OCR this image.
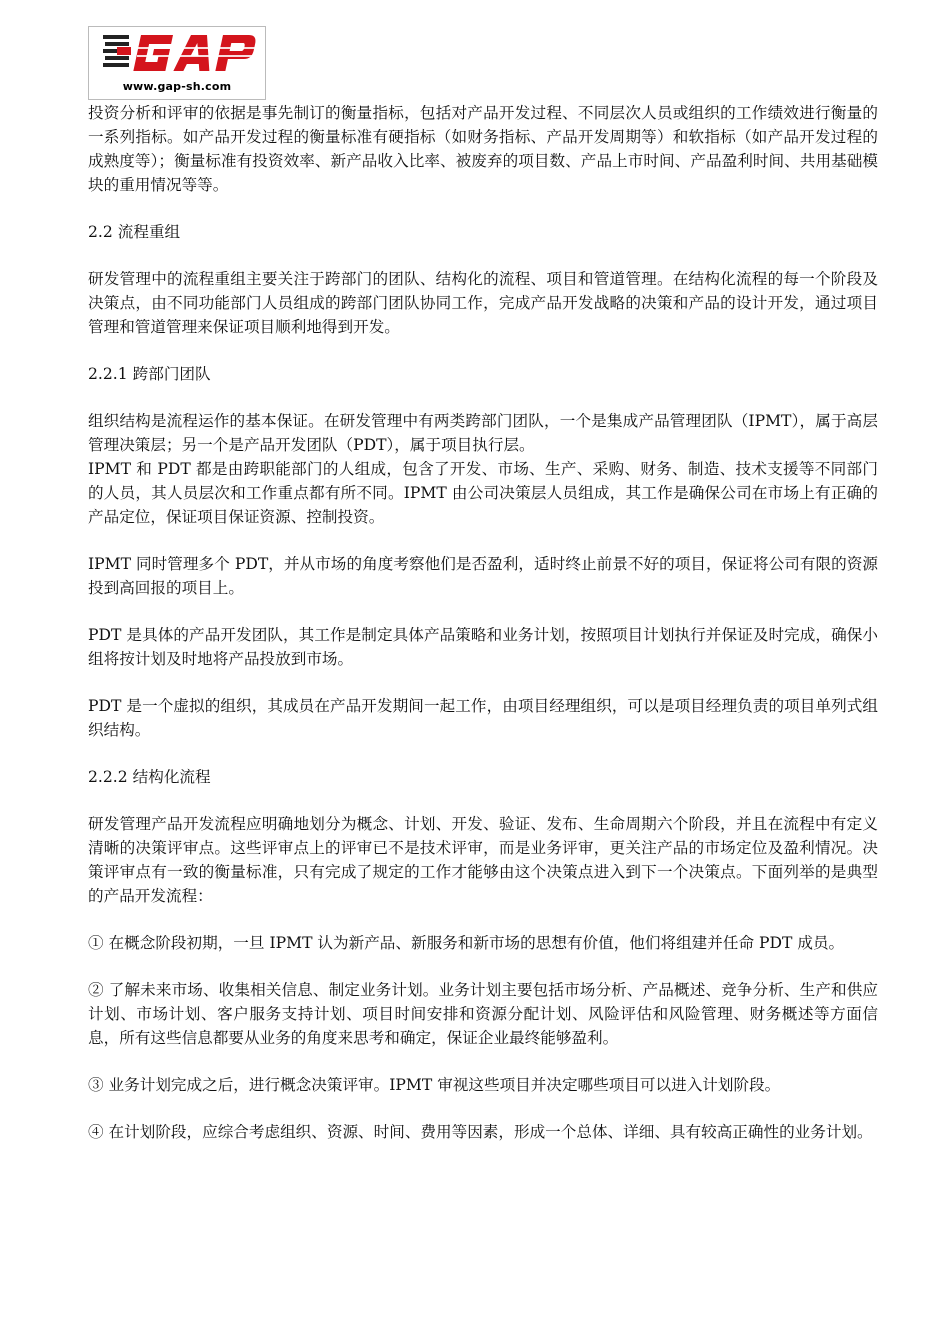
www.gap-sh.com

投资分析和评审的依据是事先制订的衡量指标，包括对产品开发过程、不同层次人员或组织的工作绩效进行衡量的一系列指标。如产品开发过程的衡量标准有硬指标（如财务指标、产品开发周期等）和软指标（如产品开发过程的成熟度等）；衡量标准有投资效率、新产品收入比率、被废弃的项目数、产品上市时间、产品盈利时间、共用基础模块的重用情况等等。

2.2 流程重组

研发管理中的流程重组主要关注于跨部门的团队、结构化的流程、项目和管道管理。在结构化流程的每一个阶段及决策点，由不同功能部门人员组成的跨部门团队协同工作，完成产品开发战略的决策和产品的设计开发，通过项目管理和管道管理来保证项目顺利地得到开发。

2.2.1 跨部门团队

组织结构是流程运作的基本保证。在研发管理中有两类跨部门团队，一个是集成产品管理团队（IPMT），属于高层管理决策层；另一个是产品开发团队（PDT），属于项目执行层。

IPMT 和 PDT 都是由跨职能部门的人组成，包含了开发、市场、生产、采购、财务、制造、技术支援等不同部门的人员，其人员层次和工作重点都有所不同。IPMT 由公司决策层人员组成，其工作是确保公司在市场上有正确的产品定位，保证项目保证资源、控制投资。

IPMT 同时管理多个 PDT，并从市场的角度考察他们是否盈利，适时终止前景不好的项目，保证将公司有限的资源投到高回报的项目上。

PDT 是具体的产品开发团队，其工作是制定具体产品策略和业务计划，按照项目计划执行并保证及时完成，确保小组将按计划及时地将产品投放到市场。

PDT 是一个虚拟的组织，其成员在产品开发期间一起工作，由项目经理组织，可以是项目经理负责的项目单列式组织结构。

2.2.2 结构化流程

研发管理产品开发流程应明确地划分为概念、计划、开发、验证、发布、生命周期六个阶段，并且在流程中有定义清晰的决策评审点。这些评审点上的评审已不是技术评审，而是业务评审，更关注产品的市场定位及盈利情况。决策评审点有一致的衡量标准，只有完成了规定的工作才能够由这个决策点进入到下一个决策点。下面列举的是典型的产品开发流程：

① 在概念阶段初期，一旦 IPMT 认为新产品、新服务和新市场的思想有价值，他们将组建并任命 PDT 成员。

② 了解未来市场、收集相关信息、制定业务计划。业务计划主要包括市场分析、产品概述、竞争分析、生产和供应计划、市场计划、客户服务支持计划、项目时间安排和资源分配计划、风险评估和风险管理、财务概述等方面信息，所有这些信息都要从业务的角度来思考和确定，保证企业最终能够盈利。

③ 业务计划完成之后，进行概念决策评审。IPMT 审视这些项目并决定哪些项目可以进入计划阶段。

④ 在计划阶段，应综合考虑组织、资源、时间、费用等因素，形成一个总体、详细、具有较高正确性的业务计划。
